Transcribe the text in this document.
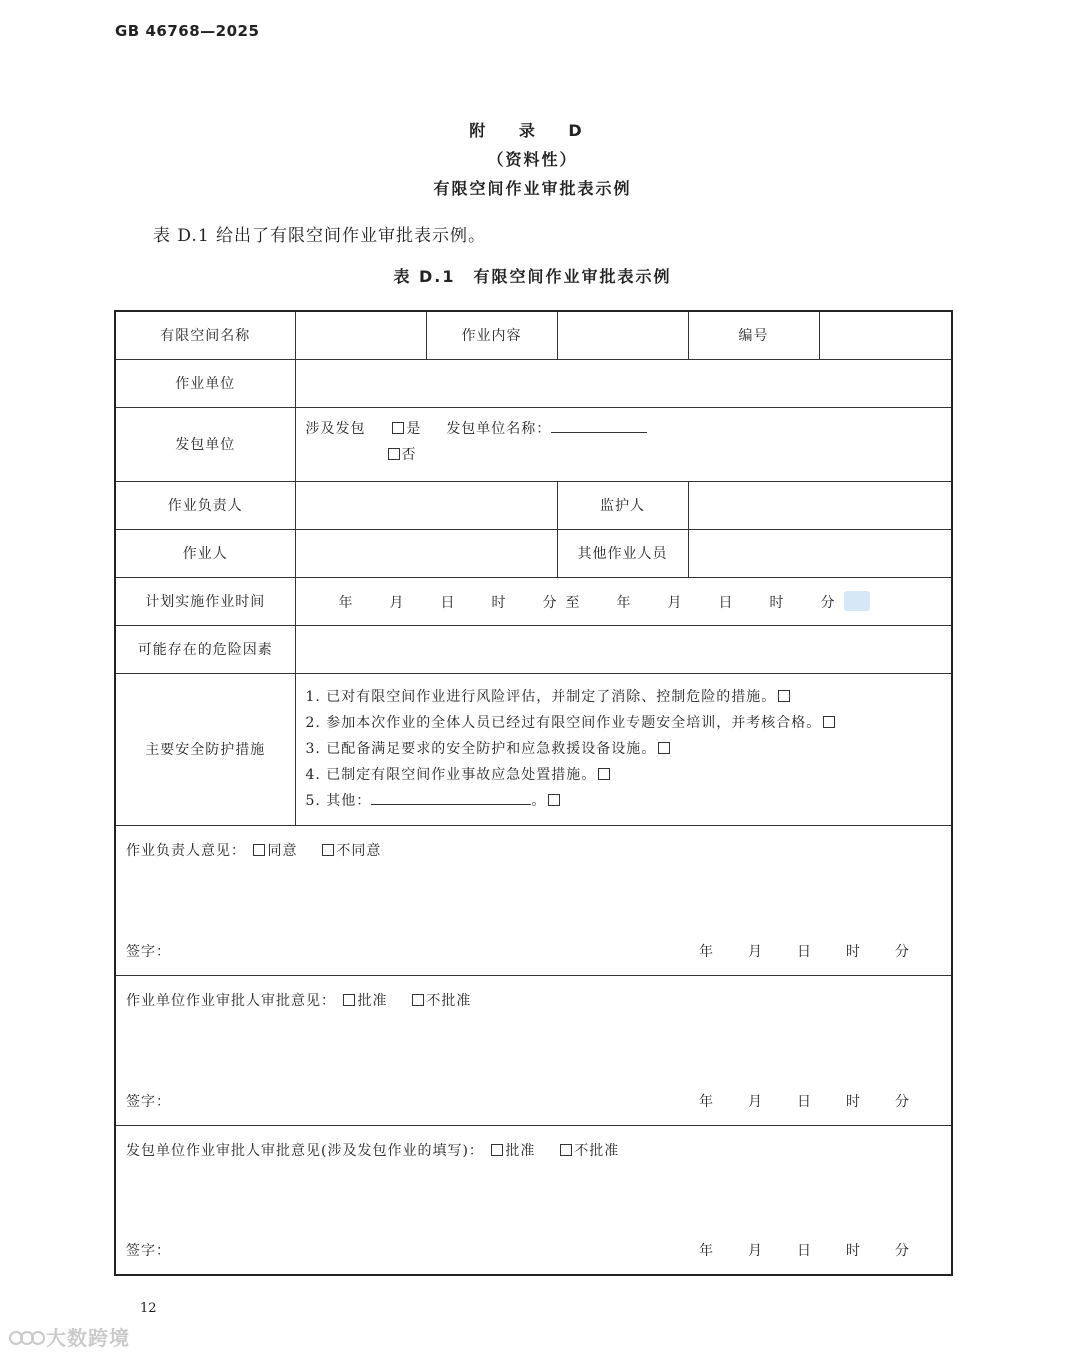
GB 46768—2025
附 录 D
（资料性）
有限空间作业审批表示例
表 D.1 给出了有限空间作业审批表示例。
表 D.1 有限空间作业审批表示例
有限空间名称		作业内容		编号	
作业单位					
发包单位	涉及发包 是 发包单位名称：
否				

作业负责人			监护人		
作业人			其他作业人员		
计划实施作业时间	年 月 日 时 分 至 年 月 日 时 分				
可能存在的危险因素					
主要安全防护措施	1. 已对有限空间作业进行风险评估，并制定了消除、控制危险的措施。
2. 参加本次作业的全体人员已经过有限空间作业专题安全培训，并考核合格。
3. 已配备满足要求的安全防护和应急救援设备设施。
4. 已制定有限空间作业事故应急处置措施。
5. 其他： 。				

作业负责人意见： 同意 不同意
签字： 年 月 日 时 分					

作业单位作业审批人审批意见： 批准 不批准
签字： 年 月 日 时 分					

发包单位作业审批人审批意见(涉及发包作业的填写)： 批准 不批准
签字： 年 月 日 时 分					
12
大数跨境
